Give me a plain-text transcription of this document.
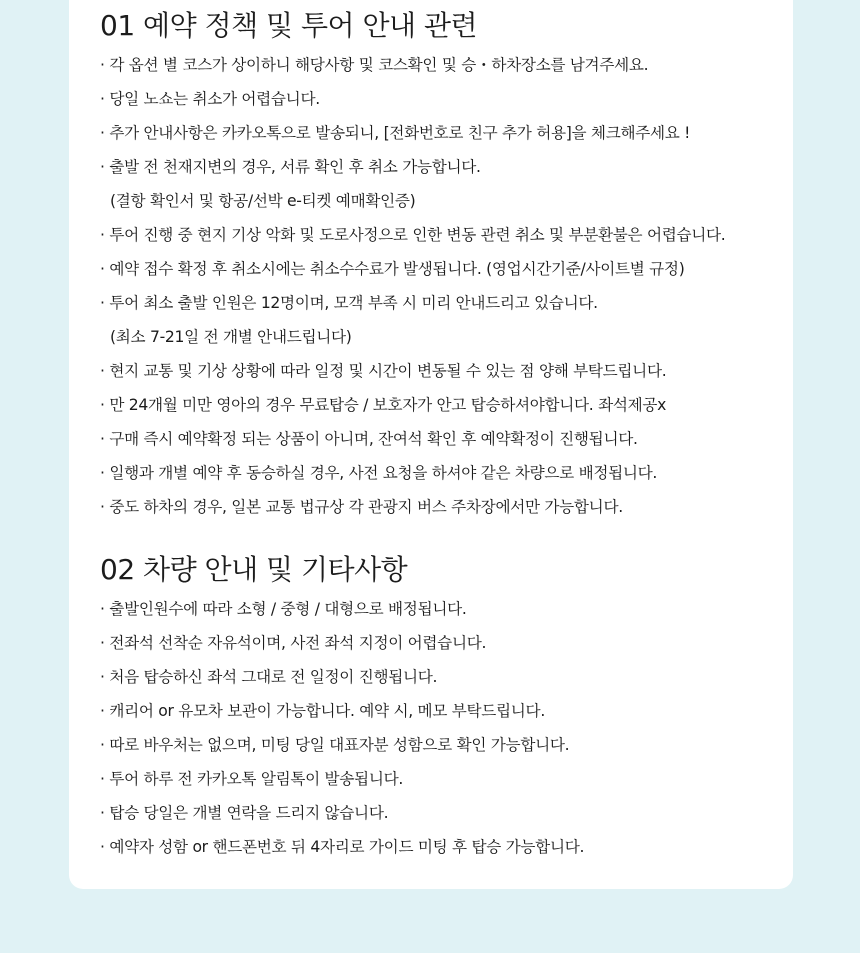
01 예약 정책 및 투어 안내 관련
· 각 옵션 별 코스가 상이하니 해당사항 및 코스확인 및 승・하차장소를 남겨주세요.
· 당일 노쇼는 취소가 어렵습니다.
· 추가 안내사항은 카카오톡으로 발송되니, [전화번호로 친구 추가 허용]을 체크해주세요 !
· 출발 전 천재지변의 경우, 서류 확인 후 취소 가능합니다.
(결항 확인서 및 항공/선박 e-티켓 예매확인증)
· 투어 진행 중 현지 기상 악화 및 도로사정으로 인한 변동 관련 취소 및 부분환불은 어렵습니다.
· 예약 접수 확정 후 취소시에는 취소수수료가 발생됩니다. (영업시간기준/사이트별 규정)
· 투어 최소 출발 인원은 12명이며, 모객 부족 시 미리 안내드리고 있습니다.
(최소 7-21일 전 개별 안내드립니다)
· 현지 교통 및 기상 상황에 따라 일정 및 시간이 변동될 수 있는 점 양해 부탁드립니다.
· 만 24개월 미만 영아의 경우 무료탑승 / 보호자가 안고 탑승하셔야합니다. 좌석제공x
· 구매 즉시 예약확정 되는 상품이 아니며, 잔여석 확인 후 예약확정이 진행됩니다.
· 일행과 개별 예약 후 동승하실 경우, 사전 요청을 하셔야 같은 차량으로 배정됩니다.
· 중도 하차의 경우, 일본 교통 법규상 각 관광지 버스 주차장에서만 가능합니다.
02 차량 안내 및 기타사항
· 출발인원수에 따라 소형 / 중형 / 대형으로 배정됩니다.
· 전좌석 선착순 자유석이며, 사전 좌석 지정이 어렵습니다.
· 처음 탑승하신 좌석 그대로 전 일정이 진행됩니다.
· 캐리어 or 유모차 보관이 가능합니다. 예약 시, 메모 부탁드립니다.
· 따로 바우처는 없으며, 미팅 당일 대표자분 성함으로 확인 가능합니다.
· 투어 하루 전 카카오톡 알림톡이 발송됩니다.
· 탑승 당일은 개별 연락을 드리지 않습니다.
· 예약자 성함 or 핸드폰번호 뒤 4자리로 가이드 미팅 후 탑승 가능합니다.
